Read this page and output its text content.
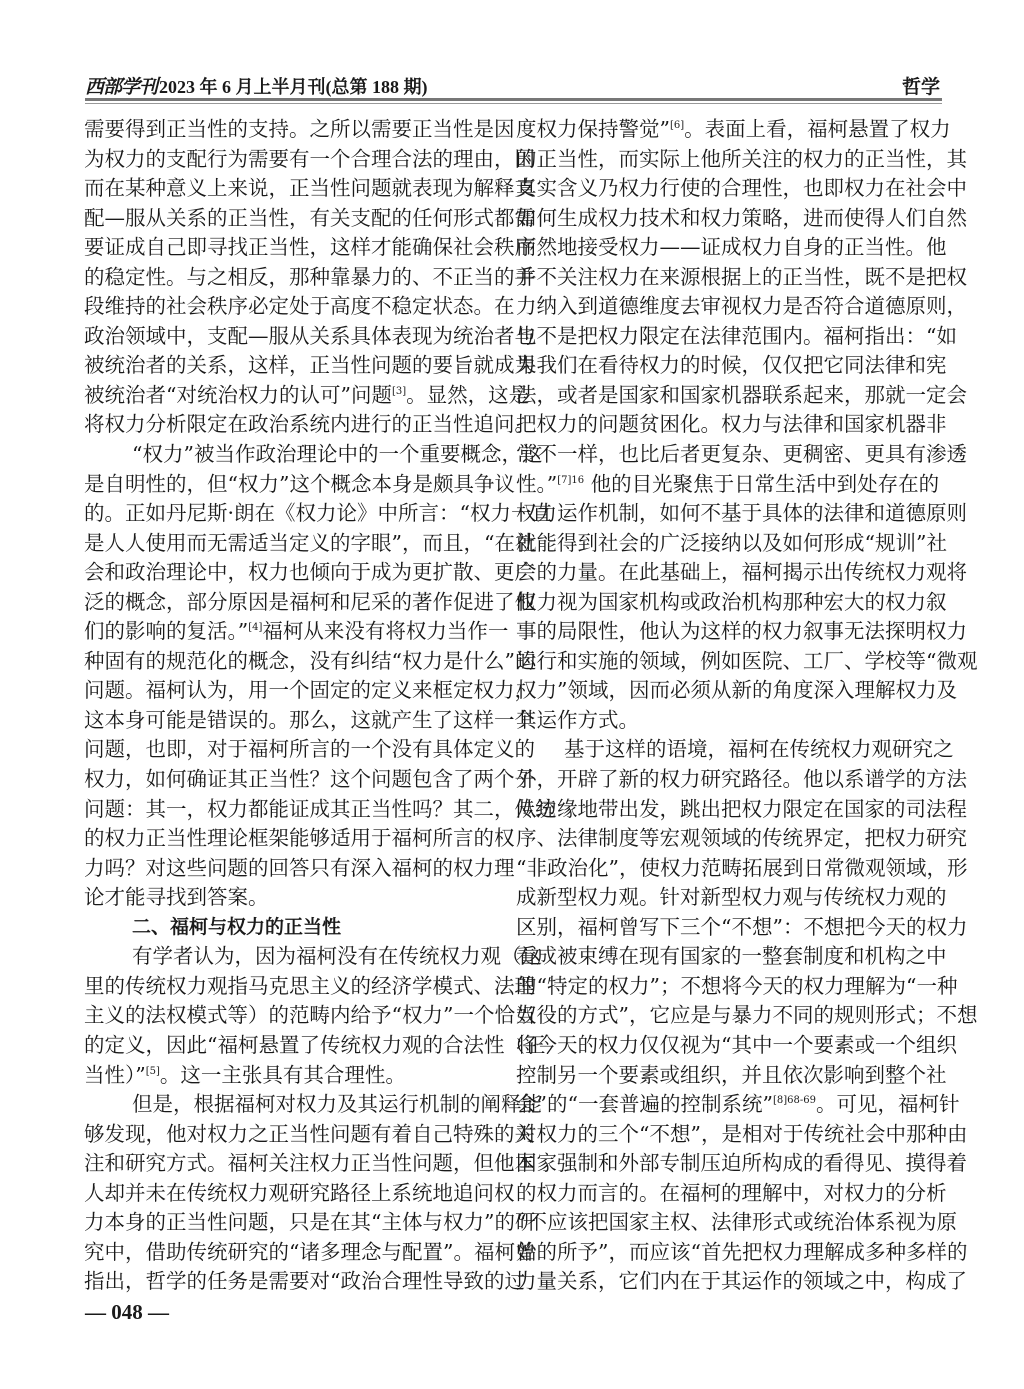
西部学刊 2023 年 6 月上半月刊(总第 188 期)	哲学
需要得到正当性的支持。之所以需要正当性是因
为权力的支配行为需要有一个合理合法的理由，因
而在某种意义上来说，正当性问题就表现为解释支
配—服从关系的正当性，有关支配的任何形式都需
要证成自己即寻找正当性，这样才能确保社会秩序
的稳定性。与之相反，那种靠暴力的、不正当的手
段维持的社会秩序必定处于高度不稳定状态。在
政治领域中，支配—服从关系具体表现为统治者与
被统治者的关系，这样，正当性问题的要旨就成为
被统治者“对统治权力的认可”问题[3]。显然，这是
将权力分析限定在政治系统内进行的正当性追问。
“权力”被当作政治理论中的一个重要概念，这
是自明性的，但“权力”这个概念本身是颇具争议
的。正如丹尼斯·朗在《权力论》中所言：“权力一直
是人人使用而无需适当定义的字眼”，而且，“在社
会和政治理论中，权力也倾向于成为更扩散、更广
泛的概念，部分原因是福柯和尼采的著作促进了他
们的影响的复活。”[4]福柯从来没有将权力当作一
种固有的规范化的概念，没有纠结“权力是什么”的
问题。福柯认为，用一个固定的定义来框定权力，
这本身可能是错误的。那么，这就产生了这样一个
问题，也即，对于福柯所言的一个没有具体定义的
权力，如何确证其正当性？这个问题包含了两个子
问题：其一，权力都能证成其正当性吗？其二，传统
的权力正当性理论框架能够适用于福柯所言的权
力吗？对这些问题的回答只有深入福柯的权力理
论才能寻找到答案。
二、福柯与权力的正当性
有学者认为，因为福柯没有在传统权力观（这
里的传统权力观指马克思主义的经济学模式、法理
主义的法权模式等）的范畴内给予“权力”一个恰当
的定义，因此“福柯悬置了传统权力观的合法性（正
当性）”[5]。这一主张具有其合理性。
但是，根据福柯对权力及其运行机制的阐释能
够发现，他对权力之正当性问题有着自己特殊的关
注和研究方式。福柯关注权力正当性问题，但他本
人却并未在传统权力观研究路径上系统地追问权
力本身的正当性问题，只是在其“主体与权力”的研
究中，借助传统研究的“诸多理念与配置”。福柯曾
指出，哲学的任务是需要对“政治合理性导致的过
度权力保持警觉”[6]。表面上看，福柯悬置了权力
的正当性，而实际上他所关注的权力的正当性，其
真实含义乃权力行使的合理性，也即权力在社会中
如何生成权力技术和权力策略，进而使得人们自然
而然地接受权力——证成权力自身的正当性。他
并不关注权力在来源根据上的正当性，既不是把权
力纳入到道德维度去审视权力是否符合道德原则，
也不是把权力限定在法律范围内。福柯指出：“如
果我们在看待权力的时候，仅仅把它同法律和宪
法，或者是国家和国家机器联系起来，那就一定会
把权力的问题贫困化。权力与法律和国家机器非
常不一样，也比后者更复杂、更稠密、更具有渗透
性。”$^{[7]16}$ 他的目光聚焦于日常生活中到处存在的
权力运作机制，如何不基于具体的法律和道德原则
就能得到社会的广泛接纳以及如何形成“规训”社
会的力量。在此基础上，福柯揭示出传统权力观将
权力视为国家机构或政治机构那种宏大的权力叙
事的局限性，他认为这样的权力叙事无法探明权力
运行和实施的领域，例如医院、工厂、学校等“微观
权力”领域，因而必须从新的角度深入理解权力及
其运作方式。
基于这样的语境，福柯在传统权力观研究之
外，开辟了新的权力研究路径。他以系谱学的方法
从边缘地带出发，跳出把权力限定在国家的司法程
序、法律制度等宏观领域的传统界定，把权力研究
“非政治化”，使权力范畴拓展到日常微观领域，形
成新型权力观。针对新型权力观与传统权力观的
区别，福柯曾写下三个“不想”：不想把今天的权力
看成被束缚在现有国家的一整套制度和机构之中
的“特定的权力”；不想将今天的权力理解为“一种
奴役的方式”，它应是与暴力不同的规则形式；不想
将今天的权力仅仅视为“其中一个要素或一个组织
控制另一个要素或组织，并且依次影响到整个社
会”的“一套普遍的控制系统”$^{[8]68-69}$。可见，福柯针
对权力的三个“不想”，是相对于传统社会中那种由
国家强制和外部专制压迫所构成的看得见、摸得着
的权力而言的。在福柯的理解中，对权力的分析
“不应该把国家主权、法律形式或统治体系视为原
始的所予”，而应该“首先把权力理解成多种多样的
力量关系，它们内在于其运作的领域之中，构成了
— 048 —
